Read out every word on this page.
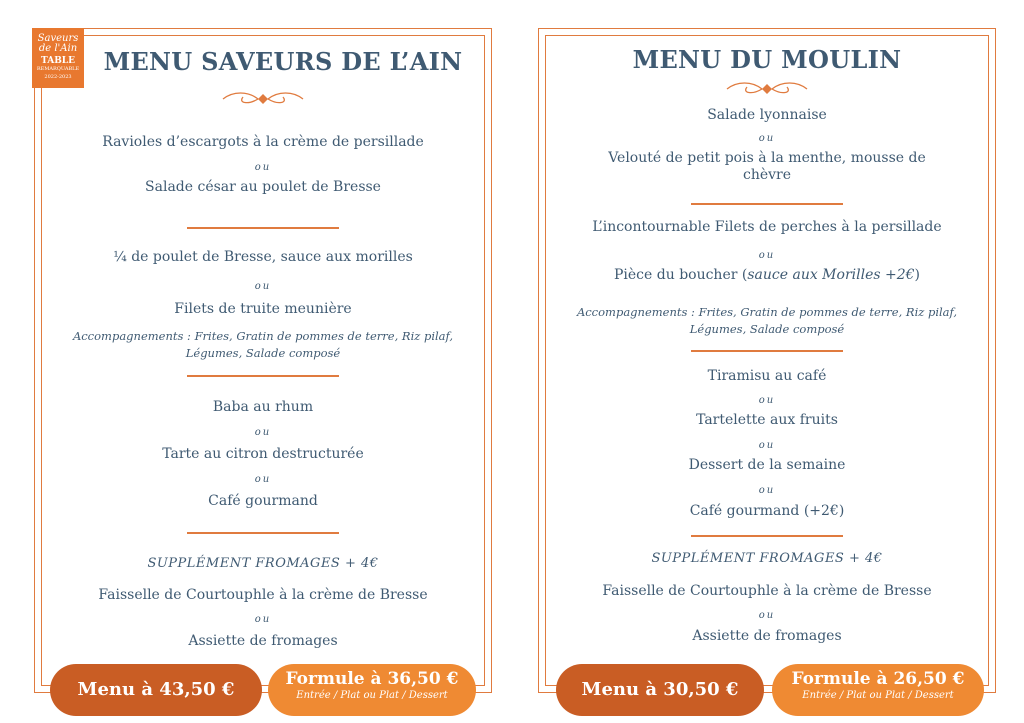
MENU SAVEURS DE L’AIN
Ravioles d’escargots à la crème de persillade
ou
Salade césar au poulet de Bresse
¼ de poulet de Bresse, sauce aux morilles
ou
Filets de truite meunière
Accompagnements : Frites, Gratin de pommes de terre, Riz pilaf,
Légumes, Salade composé
Baba au rhum
ou
Tarte au citron destructurée
ou
Café gourmand
SUPPLÉMENT FROMAGES + 4€
Faisselle de Courtouphle à la crème de Bresse
ou
Assiette de fromages
Saveurs
de l'Ain
TABLE
REMARQUABLE
2022-2023
Menu à 43,50 €	Formule à 36,50 €
Entrée / Plat ou Plat / Dessert
MENU DU MOULIN
Salade lyonnaise
ou
Velouté de petit pois à la menthe, mousse de
chèvre
L’incontournable Filets de perches à la persillade
ou
Pièce du boucher (sauce aux Morilles +2€)
Accompagnements : Frites, Gratin de pommes de terre, Riz pilaf,
Légumes, Salade composé
Tiramisu au café
ou
Tartelette aux fruits
ou
Dessert de la semaine
ou
Café gourmand (+2€)
SUPPLÉMENT FROMAGES + 4€
Faisselle de Courtouphle à la crème de Bresse
ou
Assiette de fromages
Menu à 30,50 €	Formule à 26,50 €
Entrée / Plat ou Plat / Dessert
